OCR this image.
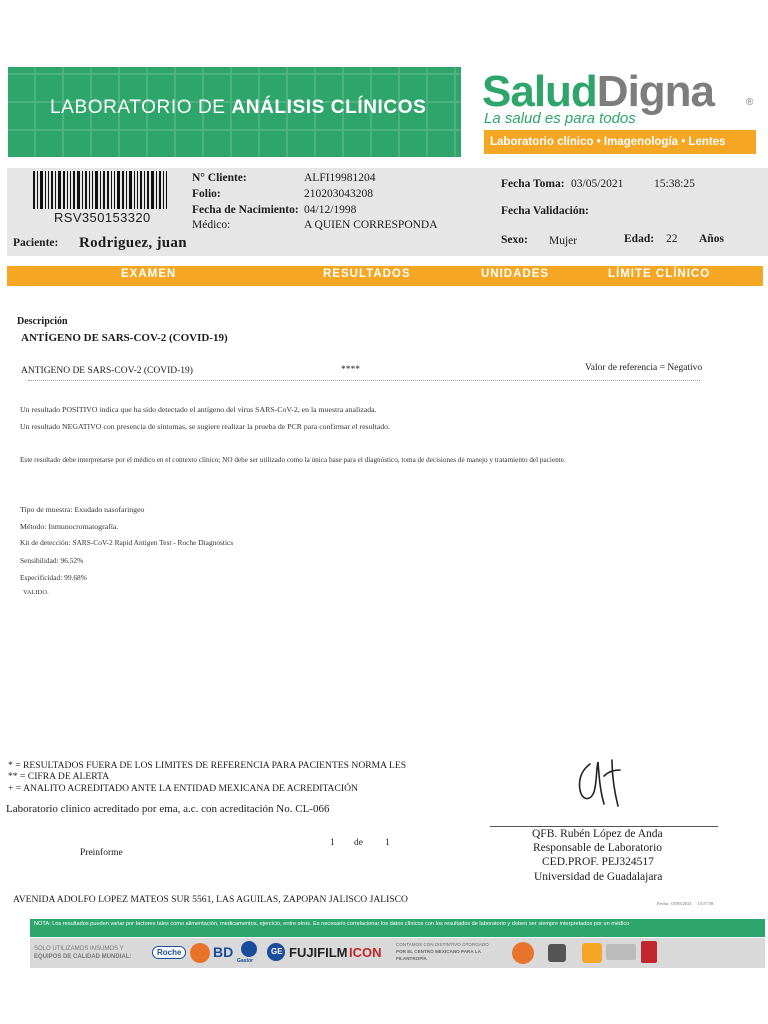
LABORATORIO DE ANÁLISIS CLÍNICOS SaludDigna	®
La salud es para todos
Laboratorio clínico • Imagenología • Lentes
RSV350153320
N° Cliente:	ALFI19981204
Folio:	210203043208
Fecha de Nacimiento: 04/12/1998
Médico:	A QUIEN CORRESPONDA
Fecha Toma: 03/05/2021	15:38:25
Fecha Validación:
Paciente: Rodriguez, juan	Sexo: Mujer	Edad: 22 Años
EXAMEN	RESULTADOS	UNIDADES	LÍMITE CLÍNICO
Descripción
ANTÍGENO DE SARS-COV-2 (COVID-19)
ANTIGENO DE SARS-COV-2 (COVID-19)	****	Valor de referencia = Negativo
Un resultado POSITIVO indica que ha sido detectado el antígeno del virus SARS-CoV-2, en la muestra analizada.
Un resultado NEGATIVO con presencia de síntomas, se sugiere realizar la prueba de PCR para confirmar el resultado.
Este resultado debe interpretarse por el médico en el contexto clínico; NO debe ser utilizado como la única base para el diagnóstico, toma de decisiones de manejo y tratamiento del paciente.
Tipo de muestra: Exudado nasofaringeo
Método: Inmunocromatografía.
Kit de detección: SARS-CoV-2 Rapid Antigen Test - Roche Diagnostics
Sensibilidad: 96.52%
Especificidad: 99.68%
VALIDO.
* = RESULTADOS FUERA DE LOS LIMITES DE REFERENCIA PARA PACIENTES NORMA LES
** = CIFRA DE ALERTA
+ = ANALITO ACREDITADO ANTE LA ENTIDAD MEXICANA DE ACREDITACIÓN
Laboratorio clínico acreditado por ema, a.c. con acreditación No. CL-066
Preinforme
1 de 1
QFB. Rubén López de Anda
Responsable de Laboratorio
CED.PROF. PEJ324517
Universidad de Guadalajara
AVENIDA ADOLFO LOPEZ MATEOS SUR 5561, LAS AGUILAS, ZAPOPAN JALISCO JALISCO	Fecha: 03/05/2021 15:57:58
NOTA: Los resultados pueden variar por factores tales como alimentación, medicamentos, ejercicio, entre otros. Es necesario correlacionar los datos clínicos con los resultados de laboratorio y deben ser siempre interpretados por un médico
SOLO UTILIZAMOS INSUMOS Y
EQUIPOS DE CALIDAD MUNDIAL:	Roche	BD
Gastor
GE FUJIFILM ICON
CONTAMOS CON DISTINTIVO OTORGADO
POR EL CENTRO MEXICANO PARA LA
FILANTROPÍA
